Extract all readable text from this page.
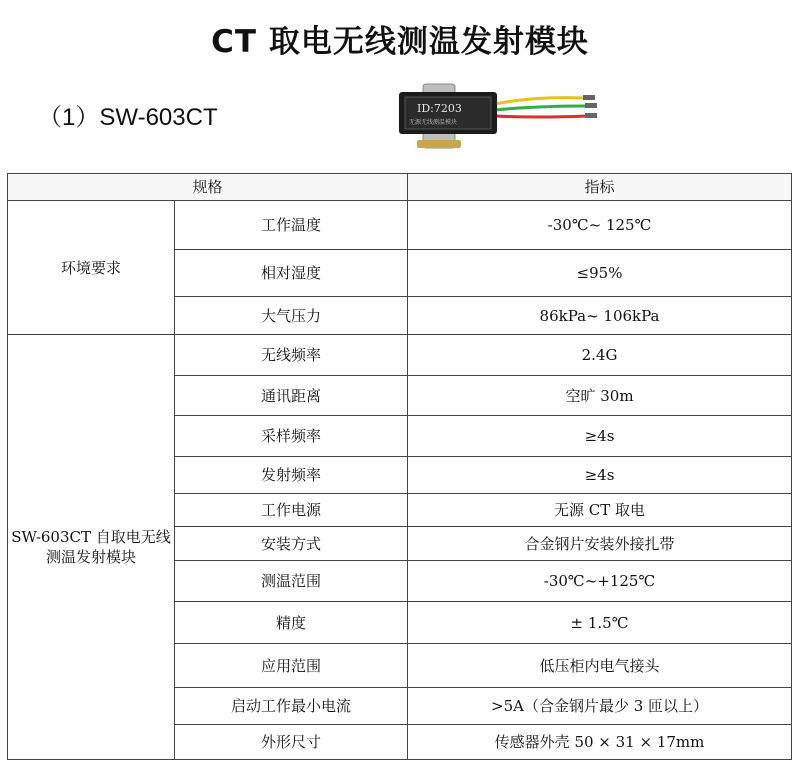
CT 取电无线测温发射模块
（1）SW-603CT	ID:7203
无源无线测温模块
规格		指标
环境要求	工作温度	-30℃~ 125℃
	相对湿度	≤95%
	大气压力	86kPa~ 106kPa

SW-603CT 自取电无线
测温发射模块	无线频率	2.4G
	通讯距离	空旷 30m
	采样频率	≥4s
	发射频率	≥4s
	工作电源	无源 CT 取电
	安装方式	合金钢片安装外接扎带
	测温范围	-30℃~+125℃
	精度	± 1.5℃
	应用范围	低压柜内电气接头
	启动工作最小电流	>5A（合金钢片最少 3 匝以上）
	外形尺寸	传感器外壳 50 × 31 × 17mm
